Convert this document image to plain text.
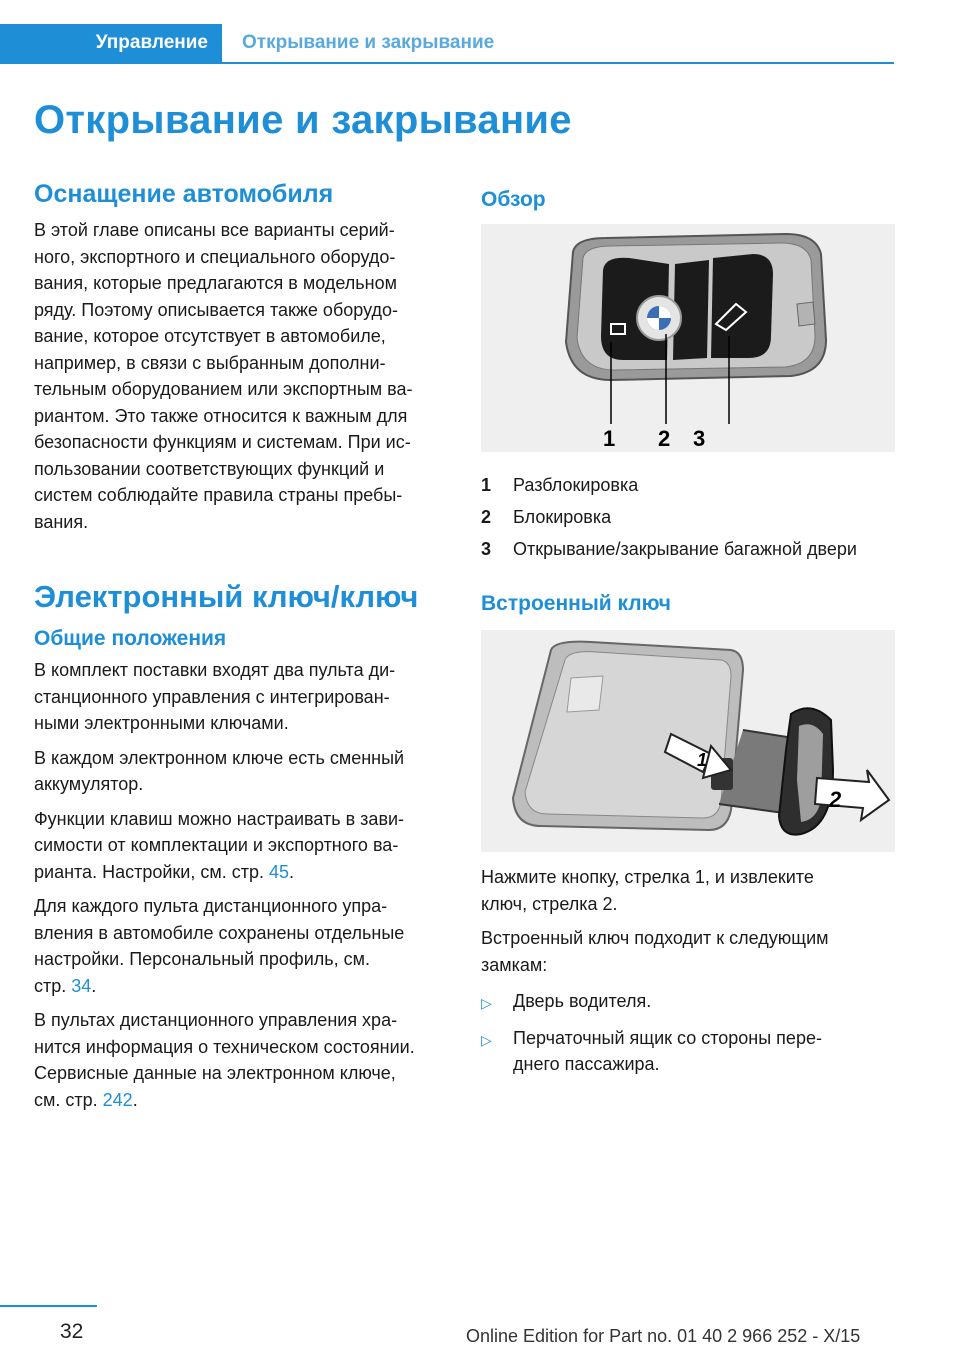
Управление	Открывание и закрывание
Открывание и закрывание
Оснащение автомобиля

В этой главе описаны все варианты серий-
ного, экспортного и специального оборудо-
вания, которые предлагаются в модельном
ряду. Поэтому описывается также оборудо-
вание, которое отсутствует в автомобиле,
например, в связи с выбранным дополни-
тельным оборудованием или экспортным ва-
риантом. Это также относится к важным для
безопасности функциям и системам. При ис-
пользовании соответствующих функций и
систем соблюдайте правила страны пребы-
вания.

Электронный ключ/ключ
Общие положения

В комплект поставки входят два пульта ди-
станционного управления с интегрирован-
ными электронными ключами.

В каждом электронном ключе есть сменный
аккумулятор.

Функции клавиш можно настраивать в зави-
симости от комплектации и экспортного ва-
рианта. Настройки, см. стр. 45.

Для каждого пульта дистанционного упра-
вления в автомобиле сохранены отдельные
настройки. Персональный профиль, см.
стр. 34.

В пультах дистанционного управления хра-
нится информация о техническом состоянии.
Сервисные данные на электронном ключе,
см. стр. 242.

Обзор
1 2 3
1	Разблокировка
2	Блокировка
3	Открывание/закрывание багажной двери
Встроенный ключ
1
2

Нажмите кнопку, стрелка 1, и извлеките
ключ, стрелка 2.

Встроенный ключ подходит к следующим
замкам:

▷	Дверь водителя.
▷	Перчаточный ящик со стороны пере-
днего пассажира.
32	Online Edition for Part no. 01 40 2 966 252 - X/15
